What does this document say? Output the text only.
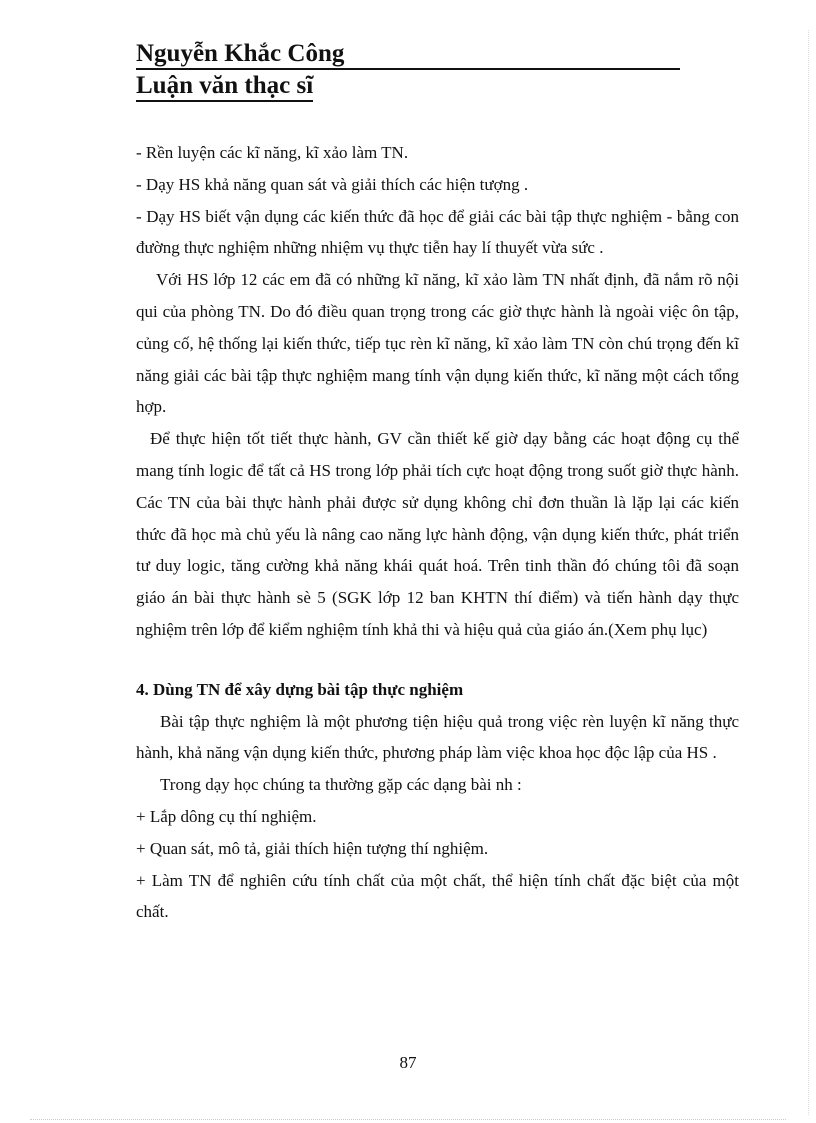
Nguyễn Khắc Công
Luận văn thạc sĩ

- Rền luyện các kĩ năng, kĩ xảo làm TN.

- Dạy HS khả năng quan sát và giải thích các hiện tượng .

- Dạy HS biết vận dụng các kiến thức đã học để giải các bài tập thực nghiệm - bằng con đường thực nghiệm những nhiệm vụ thực tiễn hay lí thuyết vừa sức .

Với HS lớp 12 các em đã có những kĩ năng, kĩ xảo làm TN nhất định, đã nắm rõ nội qui của phòng TN. Do đó điều quan trọng trong các giờ thực hành là ngoài việc ôn tập, củng cố, hệ thống lại kiến thức, tiếp tục rèn kĩ năng, kĩ xảo làm TN còn chú trọng đến kĩ năng giải các bài tập thực nghiệm mang tính vận dụng kiến thức, kĩ năng một cách tổng hợp.

Để thực hiện tốt tiết thực hành, GV cần thiết kế giờ dạy bằng các hoạt động cụ thể mang tính logic để tất cả HS trong lớp phải tích cực hoạt động trong suốt giờ thực hành. Các TN của bài thực hành phải được sử dụng không chỉ đơn thuần là lặp lại các kiến thức đã học mà chủ yếu là nâng cao năng lực hành động, vận dụng kiến thức, phát triển tư duy logic, tăng cường khả năng khái quát hoá. Trên tinh thần đó chúng tôi đã soạn giáo án bài thực hành sè 5 (SGK lớp 12 ban KHTN thí điểm) và tiến hành dạy thực nghiệm trên lớp để kiểm nghiệm tính khả thi và hiệu quả của giáo án.(Xem phụ lục)

4. Dùng TN để xây dựng bài tập thực nghiệm

Bài tập thực nghiệm là một phương tiện hiệu quả trong việc rèn luyện kĩ năng thực hành, khả năng vận dụng kiến thức, phương pháp làm việc khoa học độc lập của HS .

Trong dạy học chúng ta thường gặp các dạng bài nh :

+ Lắp dông cụ thí nghiệm.

+ Quan sát, mô tả, giải thích hiện tượng thí nghiệm.

+ Làm TN để nghiên cứu tính chất của một chất, thể hiện tính chất đặc biệt của một chất.

87
